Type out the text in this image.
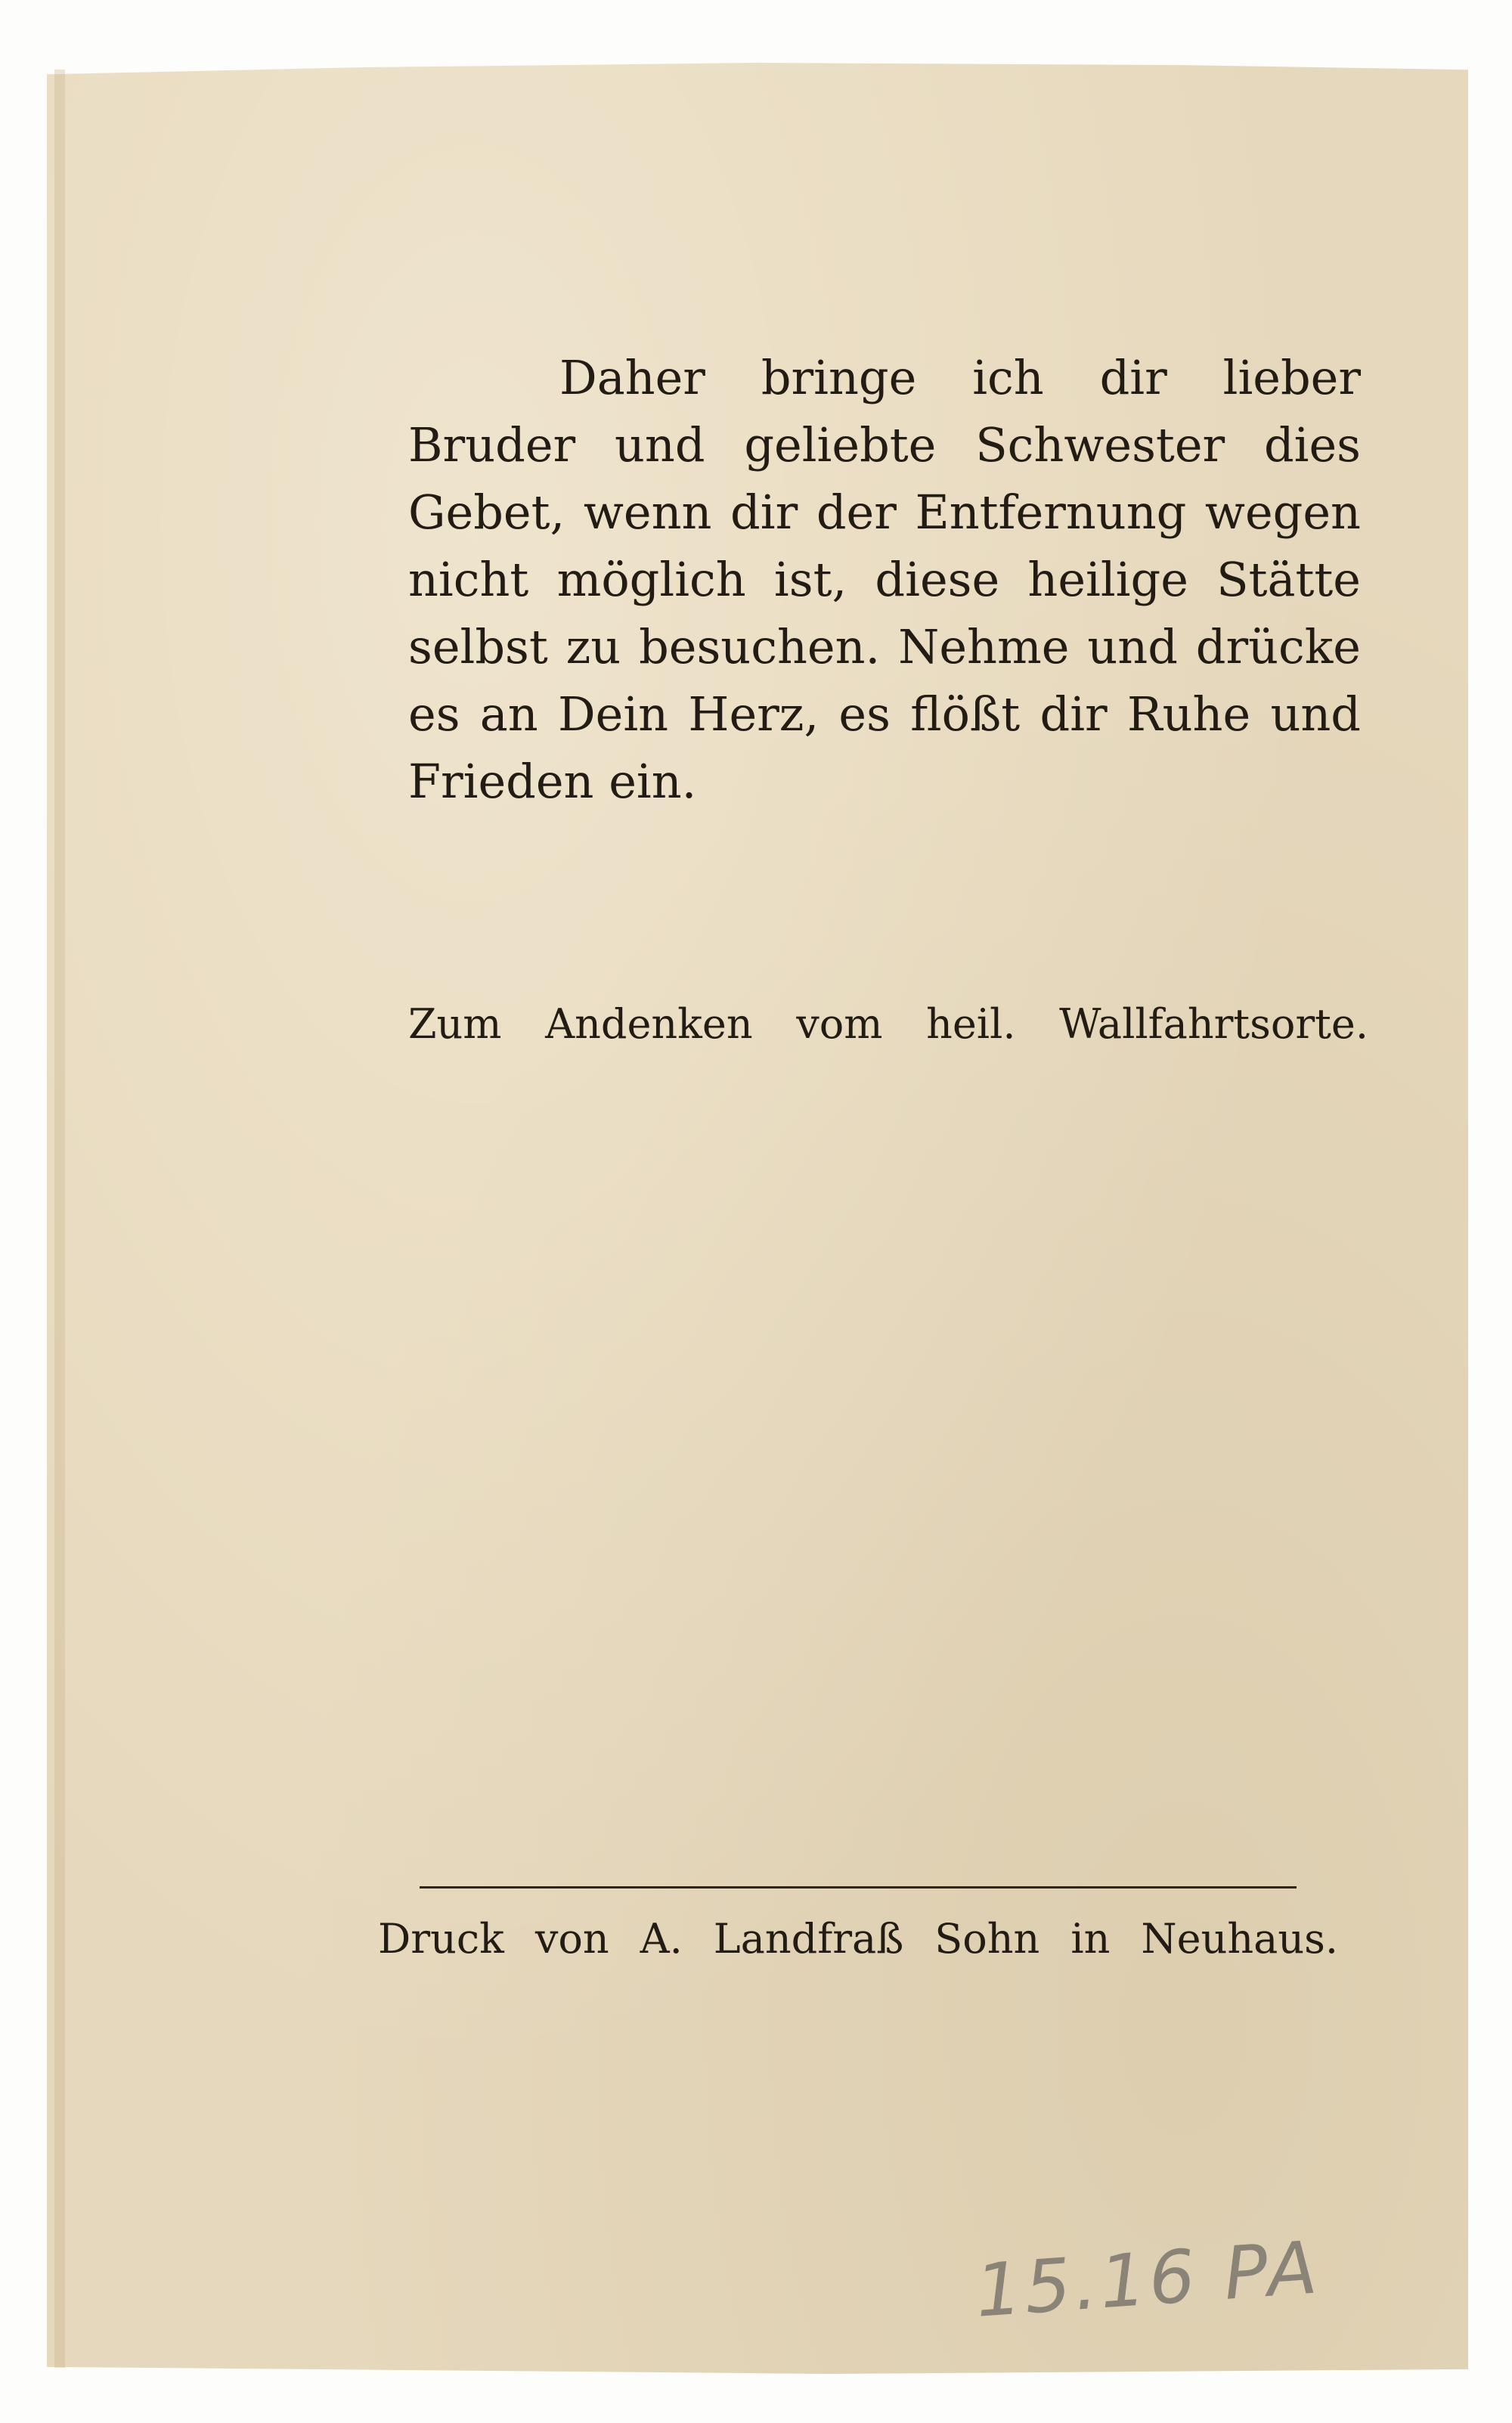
Daher bringe ich dir lieber Bruder und geliebte Schwester dies Gebet, wenn dir der Entfernung wegen nicht möglich ist, diese heilige Stätte selbst zu besuchen. Nehme und drücke es an Dein Herz, es flößt dir Ruhe und Frieden ein.

Zum Andenken vom heil. Wallfahrtsorte.

Druck von A. Landfraß Sohn in Neuhaus.

15.16 PA
